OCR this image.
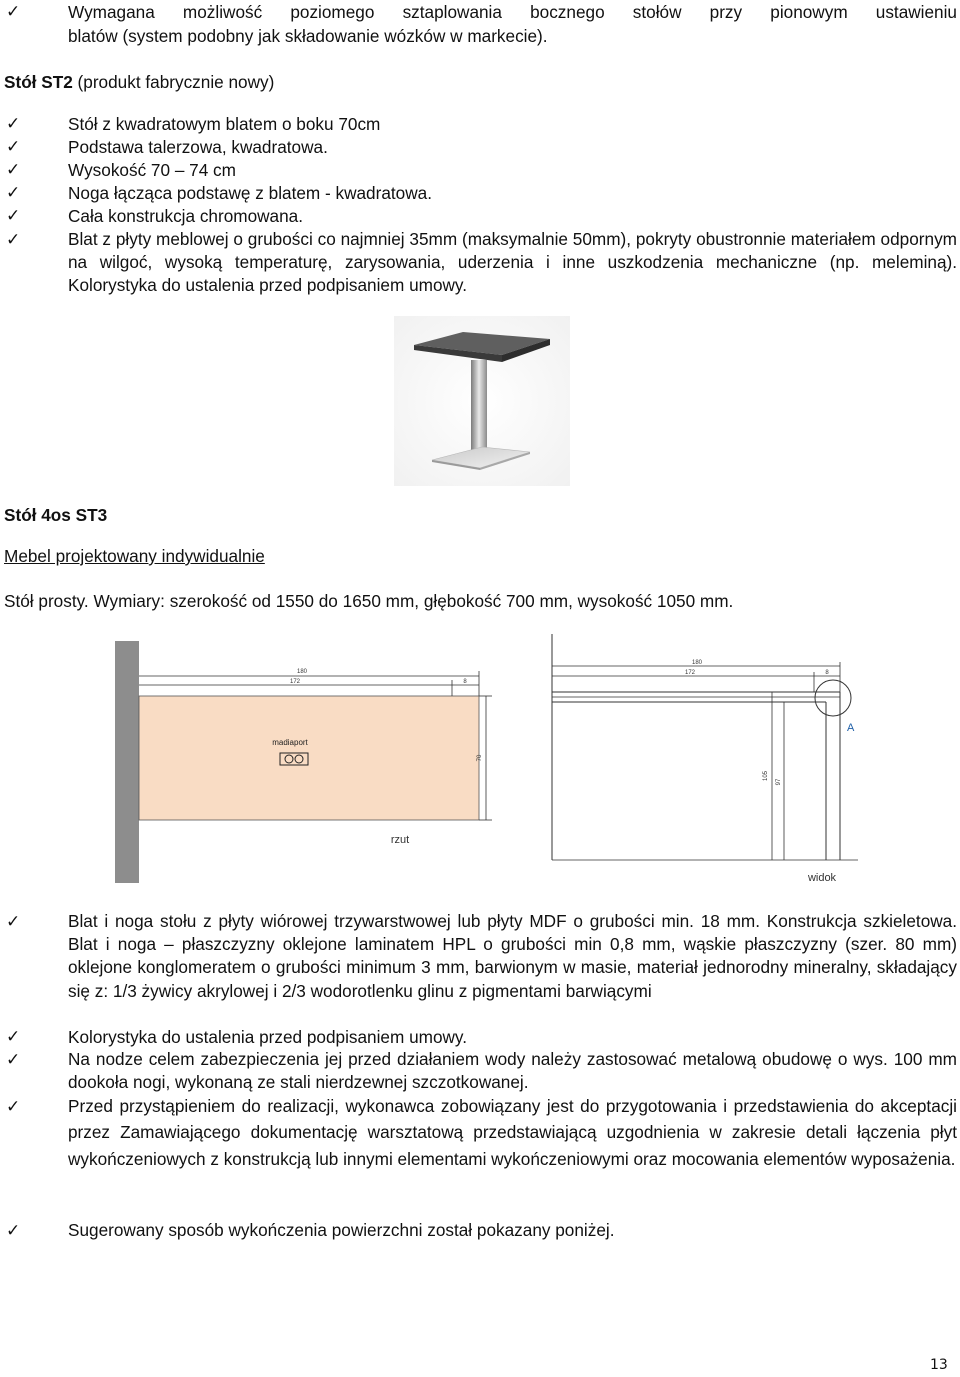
✓	Wymagana możliwość poziomego sztaplowania bocznego stołów przy pionowym ustawieniu
blatów (system podobny jak składowanie wózków w markecie).
Stół ST2 (produkt fabrycznie nowy)
✓	Stół z kwadratowym blatem o boku 70cm
✓	Podstawa talerzowa, kwadratowa.
✓	Wysokość 70 – 74 cm
✓	Noga łącząca podstawę z blatem - kwadratowa.
✓	Cała konstrukcja chromowana.
✓	Blat z płyty meblowej o grubości co najmniej 35mm (maksymalnie 50mm), pokryty obustronnie materiałem odpornym na wilgoć, wysoką temperaturę, zarysowania, uderzenia i inne uszkodzenia mechaniczne (np. meleminą). Kolorystyka do ustalenia przed podpisaniem umowy.
Stół 4os ST3
Mebel projektowany indywidualnie
Stół prosty. Wymiary: szerokość od 1550 do 1650 mm, głębokość 700 mm, wysokość 1050 mm.
180
172	8
70
madiaport
rzut
180
172	8
105
97
A
widok
✓	Blat i noga stołu z płyty wiórowej trzywarstwowej lub płyty MDF o grubości min. 18 mm. Konstrukcja szkieletowa. Blat i noga – płaszczyzny oklejone laminatem HPL o grubości min 0,8 mm, wąskie płaszczyzny (szer. 80 mm) oklejone konglomeratem o grubości minimum 3 mm, barwionym w masie, materiał jednorodny mineralny, składający się z: 1/3 żywicy akrylowej i 2/3 wodorotlenku glinu z pigmentami barwiącymi
✓	Kolorystyka do ustalenia przed podpisaniem umowy.
✓	Na nodze celem zabezpieczenia jej przed działaniem wody należy zastosować metalową obudowę o wys. 100 mm dookoła nogi, wykonaną ze stali nierdzewnej szczotkowanej.
✓	Przed przystąpieniem do realizacji, wykonawca zobowiązany jest do przygotowania i przedstawienia do akceptacji przez Zamawiającego dokumentację warsztatową przedstawiającą uzgodnienia w zakresie detali łączenia płyt wykończeniowych z konstrukcją lub innymi elementami wykończeniowymi oraz mocowania elementów wyposażenia.
✓	Sugerowany sposób wykończenia powierzchni został pokazany poniżej.
13
